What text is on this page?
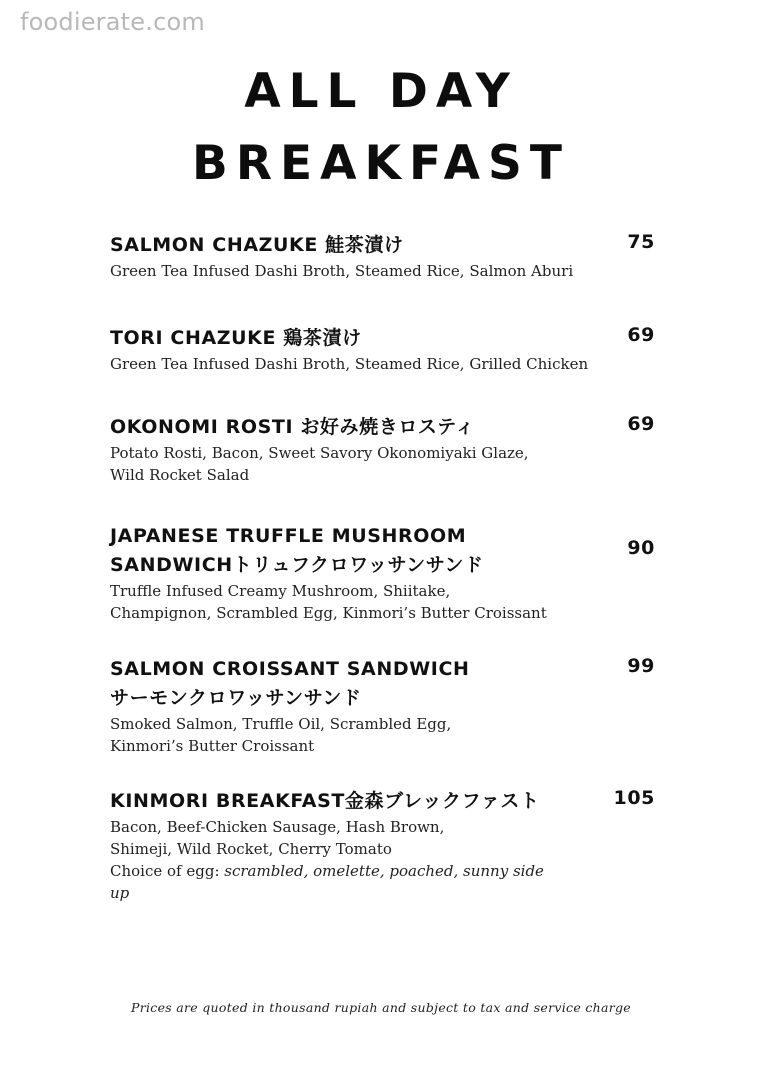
foodierate.com
ALL DAY
BREAKFAST
75
SALMON CHAZUKE 鮭茶漬け
Green Tea Infused Dashi Broth, Steamed Rice, Salmon Aburi
69
TORI CHAZUKE 鶏茶漬け
Green Tea Infused Dashi Broth, Steamed Rice, Grilled Chicken
69
OKONOMI ROSTI お好み焼きロスティ
Potato Rosti, Bacon, Sweet Savory Okonomiyaki Glaze,
Wild Rocket Salad
90
JAPANESE TRUFFLE MUSHROOM
SANDWICHトリュフクロワッサンサンド
Truffle Infused Creamy Mushroom, Shiitake,
Champignon, Scrambled Egg, Kinmori’s Butter Croissant
99
SALMON CROISSANT SANDWICH
サーモンクロワッサンサンド
Smoked Salmon, Truffle Oil, Scrambled Egg,
Kinmori’s Butter Croissant
105
KINMORI BREAKFAST金森ブレックファスト
Bacon, Beef-Chicken Sausage, Hash Brown,
Shimeji, Wild Rocket, Cherry Tomato
Choice of egg: scrambled, omelette, poached, sunny side
up
Prices are quoted in thousand rupiah and subject to tax and service charge
